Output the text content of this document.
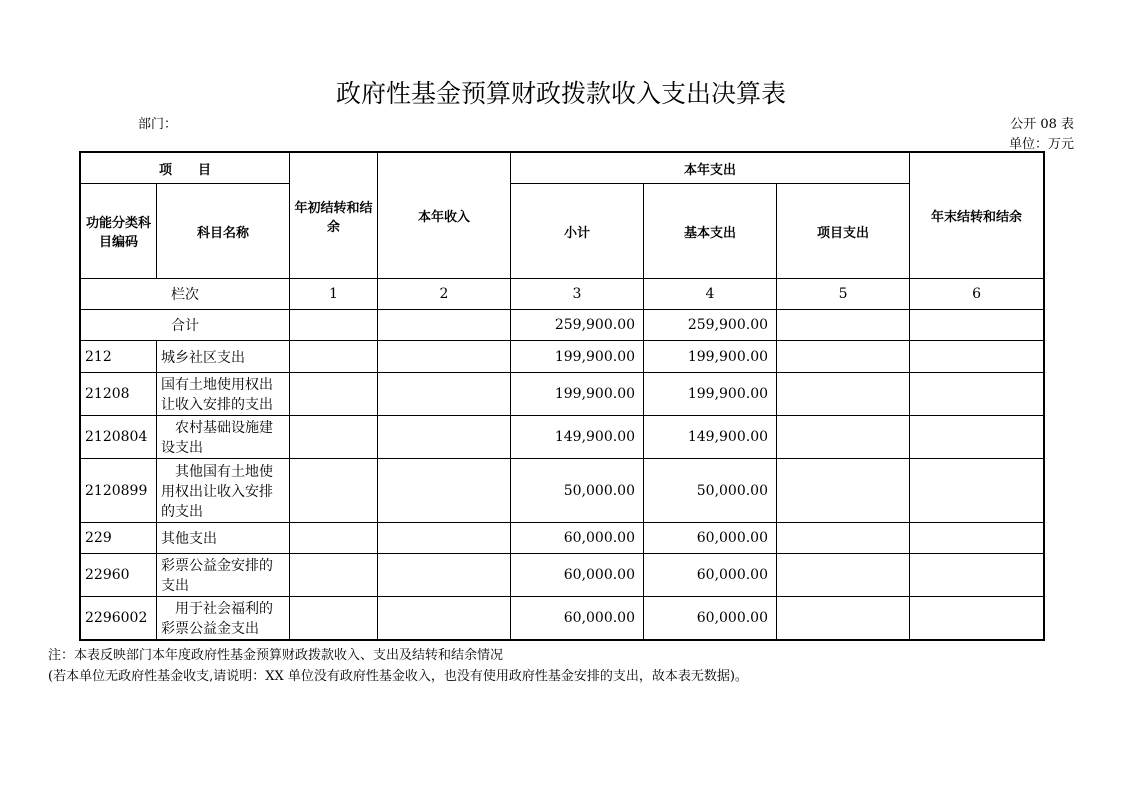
政府性基金预算财政拨款收入支出决算表
部门：	公开 08 表
单位：万元
项　　目		年初结转和结余	本年收入	本年支出			年末结转和结余
功能分类科目编码	科目名称			小计	基本支出	项目支出	
栏次		1	2	3	4	5	6
合计				259,900.00	259,900.00		
212	城乡社区支出			199,900.00	199,900.00		
21208	国有土地使用权出让收入安排的支出			199,900.00	199,900.00		
2120804	农村基础设施建设支出			149,900.00	149,900.00		
2120899	其他国有土地使用权出让收入安排的支出			50,000.00	50,000.00		
229	其他支出			60,000.00	60,000.00		
22960	彩票公益金安排的支出			60,000.00	60,000.00		
2296002	用于社会福利的彩票公益金支出			60,000.00	60,000.00		
注：本表反映部门本年度政府性基金预算财政拨款收入、支出及结转和结余情况
(若本单位无政府性基金收支,请说明：XX 单位没有政府性基金收入，也没有使用政府性基金安排的支出，故本表无数据)。
